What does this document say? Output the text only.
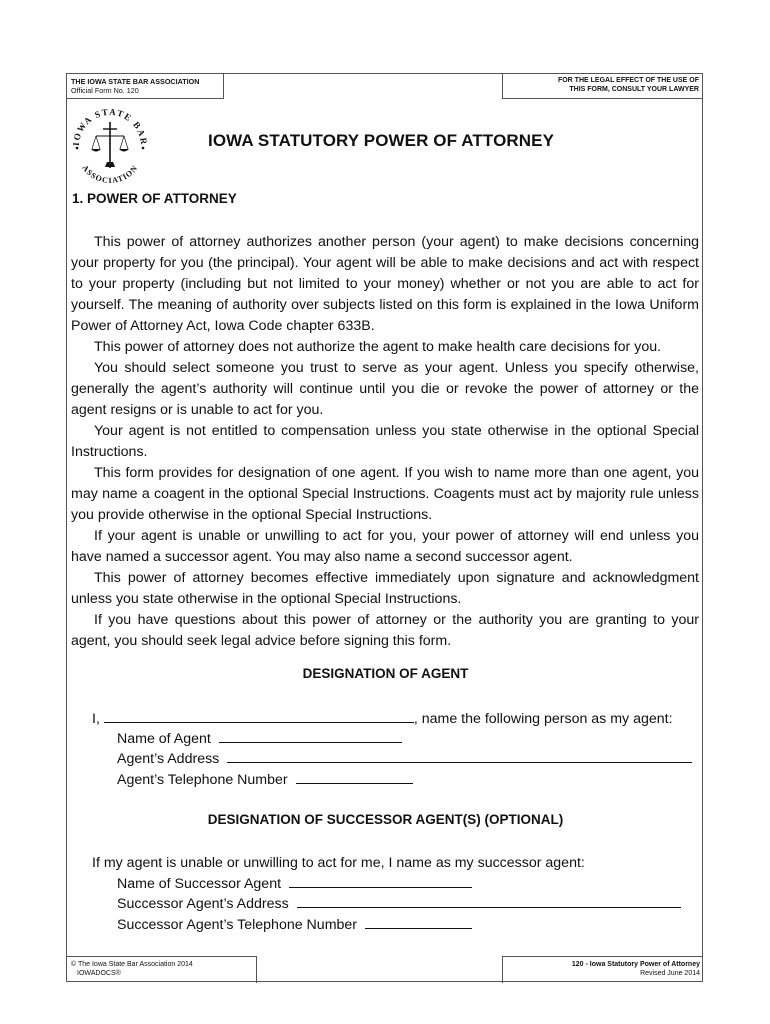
THE IOWA STATE BAR ASSOCIATION
Official Form No. 120
FOR THE LEGAL EFFECT OF THE USE OF
THIS FORM, CONSULT YOUR LAWYER
IOWA STATE BAR
ASSOCIATION
IOWA STATUTORY POWER OF ATTORNEY
1. POWER OF ATTORNEY

This power of attorney authorizes another person (your agent) to make decisions concerning your property for you (the principal). Your agent will be able to make decisions and act with respect to your property (including but not limited to your money) whether or not you are able to act for yourself. The meaning of authority over subjects listed on this form is explained in the Iowa Uniform Power of Attorney Act, Iowa Code chapter 633B.

This power of attorney does not authorize the agent to make health care decisions for you.

You should select someone you trust to serve as your agent. Unless you specify otherwise, generally the agent’s authority will continue until you die or revoke the power of attorney or the agent resigns or is unable to act for you.

Your agent is not entitled to compensation unless you state otherwise in the optional Special Instructions.

This form provides for designation of one agent. If you wish to name more than one agent, you may name a coagent in the optional Special Instructions. Coagents must act by majority rule unless you provide otherwise in the optional Special Instructions.

If your agent is unable or unwilling to act for you, your power of attorney will end unless you have named a successor agent. You may also name a second successor agent.

This power of attorney becomes effective immediately upon signature and acknowledgment unless you state otherwise in the optional Special Instructions.

If you have questions about this power of attorney or the authority you are granting to your agent, you should seek legal advice before signing this form.

DESIGNATION OF AGENT
I,	, name the following person as my agent:
Name of Agent
Agent’s Address
Agent’s Telephone Number
DESIGNATION OF SUCCESSOR AGENT(S) (OPTIONAL)
If my agent is unable or unwilling to act for me, I name as my successor agent:
Name of Successor Agent
Successor Agent’s Address
Successor Agent’s Telephone Number
© The Iowa State Bar Association 2014
IOWADOCS®
120 - Iowa Statutory Power of Attorney
Revised June 2014
